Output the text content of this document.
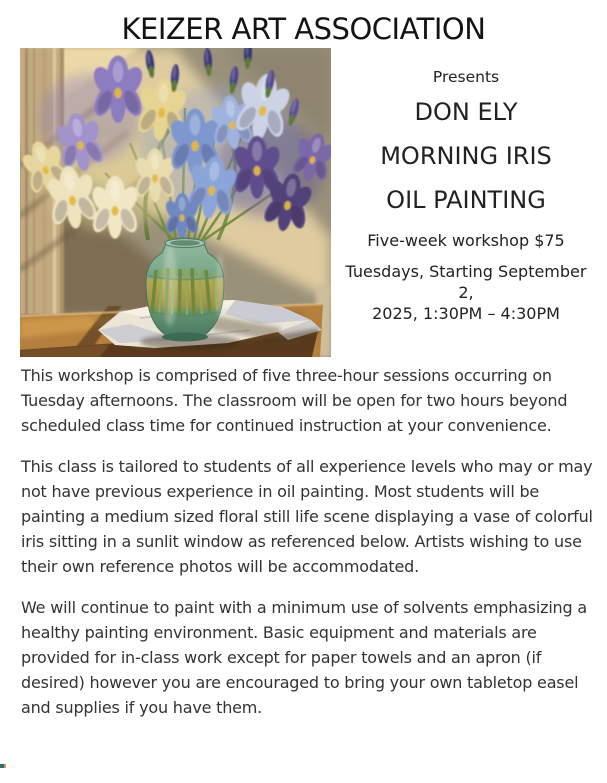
KEIZER ART ASSOCIATION

Presents

DON ELY

MORNING IRIS

OIL PAINTING

Five-week workshop $75

Tuesdays, Starting September 2,
2025, 1:30PM – 4:30PM

This workshop is comprised of five three-hour sessions occurring on Tuesday afternoons. The classroom will be open for two hours beyond scheduled class time for continued instruction at your convenience.

This class is tailored to students of all experience levels who may or may not have previous experience in oil painting. Most students will be painting a medium sized floral still life scene displaying a vase of colorful iris sitting in a sunlit window as referenced below. Artists wishing to use their own reference photos will be accommodated.

We will continue to paint with a minimum use of solvents emphasizing a healthy painting environment. Basic equipment and materials are provided for in-class work except for paper towels and an apron (if desired) however you are encouraged to bring your own tabletop easel and supplies if you have them.
